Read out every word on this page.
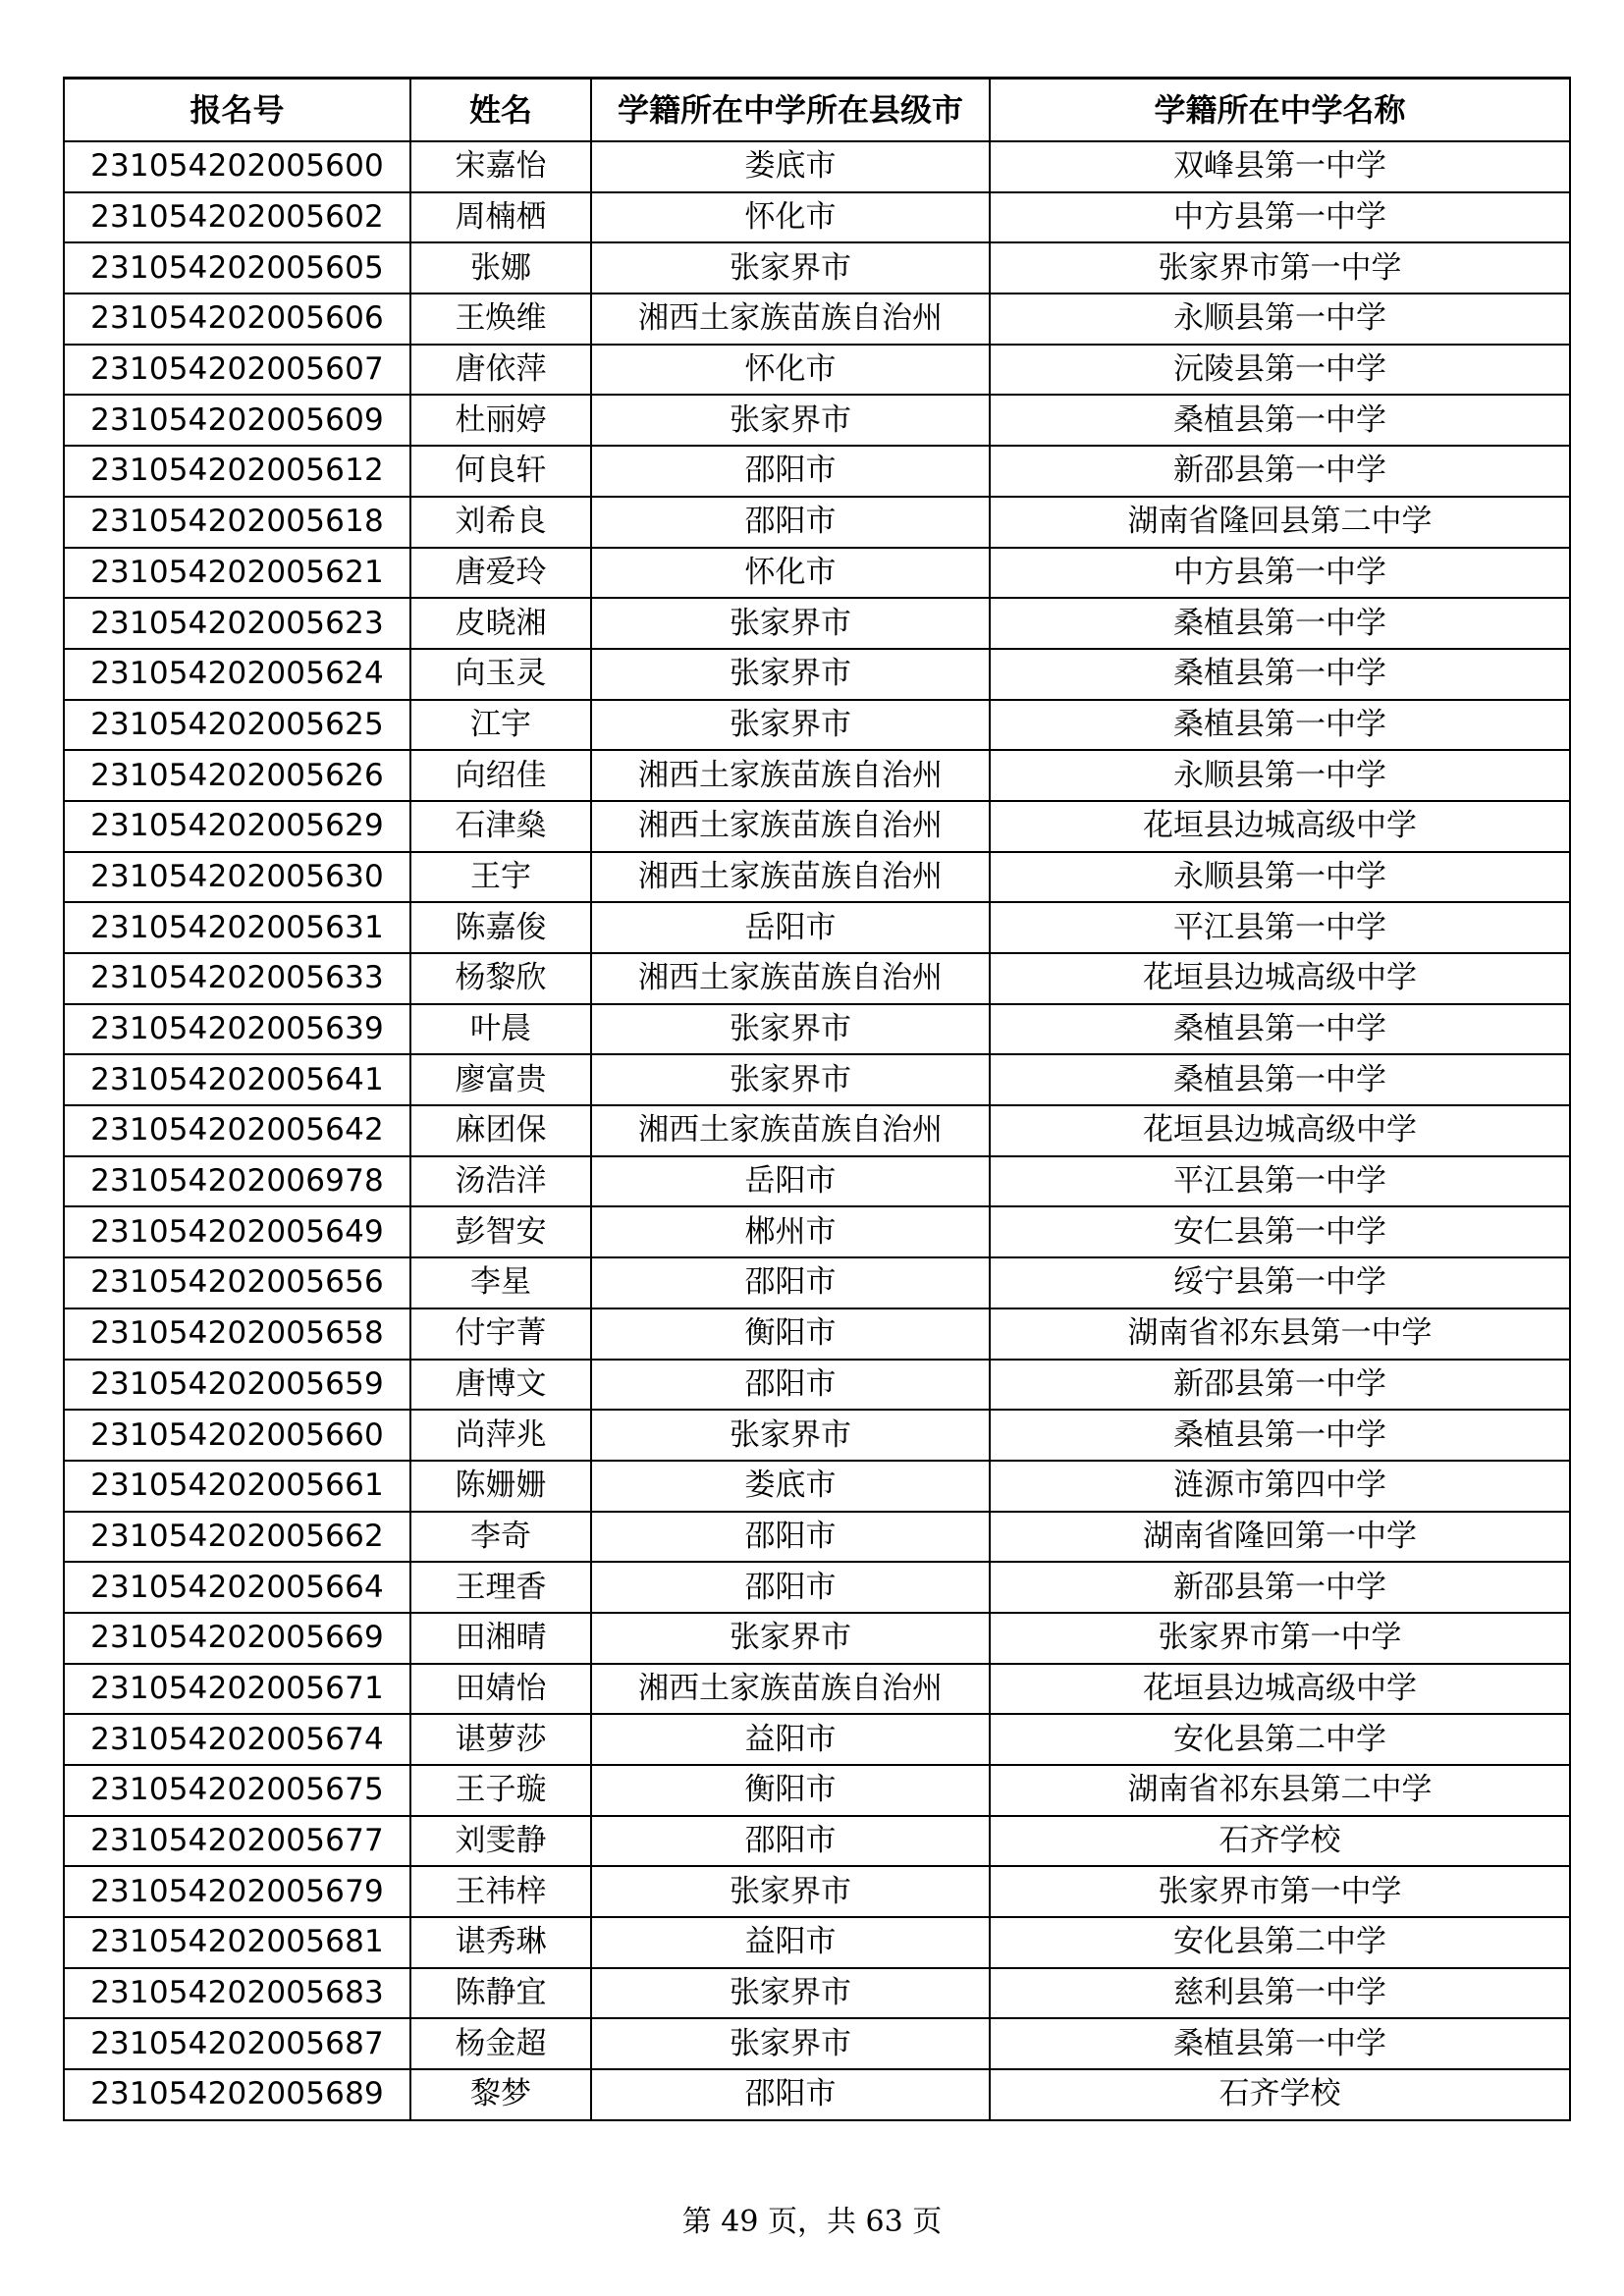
报名号	姓名	学籍所在中学所在县级市	学籍所在中学名称
231054202005600	宋嘉怡	娄底市	双峰县第一中学
231054202005602	周楠栖	怀化市	中方县第一中学
231054202005605	张娜	张家界市	张家界市第一中学
231054202005606	王焕维	湘西土家族苗族自治州	永顺县第一中学
231054202005607	唐依萍	怀化市	沅陵县第一中学
231054202005609	杜丽婷	张家界市	桑植县第一中学
231054202005612	何良轩	邵阳市	新邵县第一中学
231054202005618	刘希良	邵阳市	湖南省隆回县第二中学
231054202005621	唐爱玲	怀化市	中方县第一中学
231054202005623	皮晓湘	张家界市	桑植县第一中学
231054202005624	向玉灵	张家界市	桑植县第一中学
231054202005625	江宇	张家界市	桑植县第一中学
231054202005626	向绍佳	湘西土家族苗族自治州	永顺县第一中学
231054202005629	石津燊	湘西土家族苗族自治州	花垣县边城高级中学
231054202005630	王宇	湘西土家族苗族自治州	永顺县第一中学
231054202005631	陈嘉俊	岳阳市	平江县第一中学
231054202005633	杨黎欣	湘西土家族苗族自治州	花垣县边城高级中学
231054202005639	叶晨	张家界市	桑植县第一中学
231054202005641	廖富贵	张家界市	桑植县第一中学
231054202005642	麻团保	湘西土家族苗族自治州	花垣县边城高级中学
231054202006978	汤浩洋	岳阳市	平江县第一中学
231054202005649	彭智安	郴州市	安仁县第一中学
231054202005656	李星	邵阳市	绥宁县第一中学
231054202005658	付宇菁	衡阳市	湖南省祁东县第一中学
231054202005659	唐博文	邵阳市	新邵县第一中学
231054202005660	尚萍兆	张家界市	桑植县第一中学
231054202005661	陈姗姗	娄底市	涟源市第四中学
231054202005662	李奇	邵阳市	湖南省隆回第一中学
231054202005664	王理香	邵阳市	新邵县第一中学
231054202005669	田湘晴	张家界市	张家界市第一中学
231054202005671	田婧怡	湘西土家族苗族自治州	花垣县边城高级中学
231054202005674	谌萝莎	益阳市	安化县第二中学
231054202005675	王子璇	衡阳市	湖南省祁东县第二中学
231054202005677	刘雯静	邵阳市	石齐学校
231054202005679	王祎梓	张家界市	张家界市第一中学
231054202005681	谌秀琳	益阳市	安化县第二中学
231054202005683	陈静宜	张家界市	慈利县第一中学
231054202005687	杨金超	张家界市	桑植县第一中学
231054202005689	黎梦	邵阳市	石齐学校
第 49 页，共 63 页
